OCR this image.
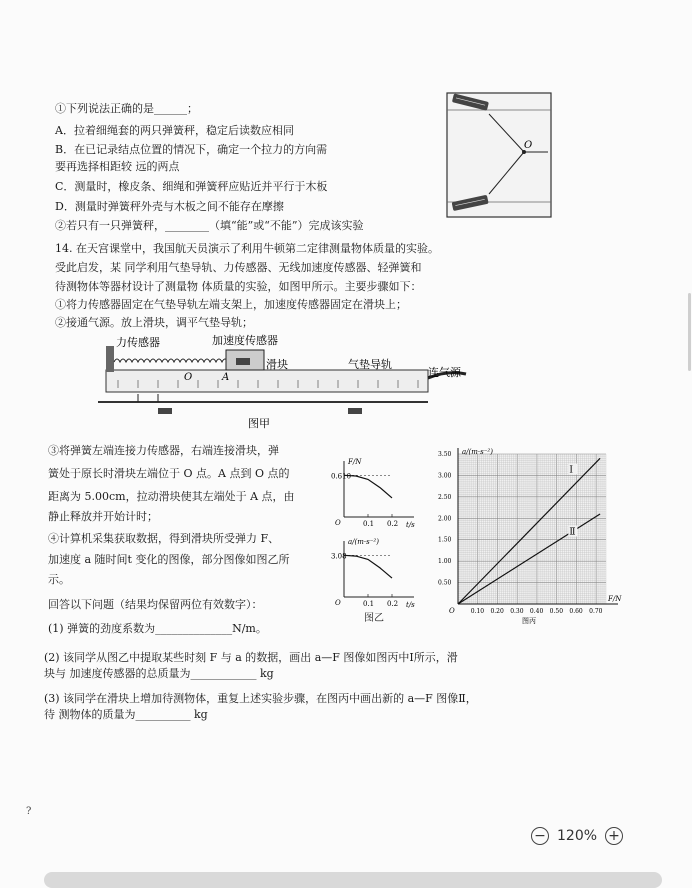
①下列说法正确的是______；
A．拉着细绳套的两只弹簧秤，稳定后读数应相同
B．在已记录结点位置的情况下，确定一个拉力的方向需
要再选择相距较 远的两点
C．测量时，橡皮条、细绳和弹簧秤应贴近并平行于木板
D．测量时弹簧秤外壳与木板之间不能存在摩擦
②若只有一只弹簧秤，________（填“能”或“不能”）完成该实验
14. 在天宫课堂中，我国航天员演示了利用牛顿第二定律测量物体质量的实验。
受此启发，某 同学利用气垫导轨、力传感器、无线加速度传感器、轻弹簧和
待测物体等器材设计了测量物 体质量的实验，如图甲所示。主要步骤如下：
①将力传感器固定在气垫导轨左端支架上，加速度传感器固定在滑块上；
②接通气源。放上滑块，调平气垫导轨；
③将弹簧左端连接力传感器，右端连接滑块，弹
簧处于原长时滑块左端位于 O 点。A 点到 O 点的
距离为 5.00cm，拉动滑块使其左端处于 A 点，由
静止释放并开始计时；
④计算机采集获取数据，得到滑块所受弹力 F、
加速度 a 随时间t 变化的图像，部分图像如图乙所
示。
回答以下问题（结果均保留两位有效数字）：
(1) 弹簧的劲度系数为______________N/m。
(2) 该同学从图乙中提取某些时刻 F 与 a 的数据，画出 a—F 图像如图丙中Ⅰ所示，滑
块与 加速度传感器的总质量为____________ kg
(3) 该同学在滑块上增加待测物体，重复上述实验步骤，在图丙中画出新的 a—F 图像Ⅱ，
待 测物体的质量为__________ kg
O
力传感器	加速度传感器
滑块	气垫导轨
连气源
O	A
图甲
F/N
t/s
O
0.610
0.1 0.2
a/(m·s⁻²)
t/s
O
3.08
0.1 0.2
图乙
a/(m·s⁻²)
F/N
O	0.10 0.20 0.30 0.40 0.50 0.60 0.70
0.50
1.00
1.50
2.00
2.50
3.00
3.50
Ⅰ
Ⅱ
图丙
?
− 120% +
